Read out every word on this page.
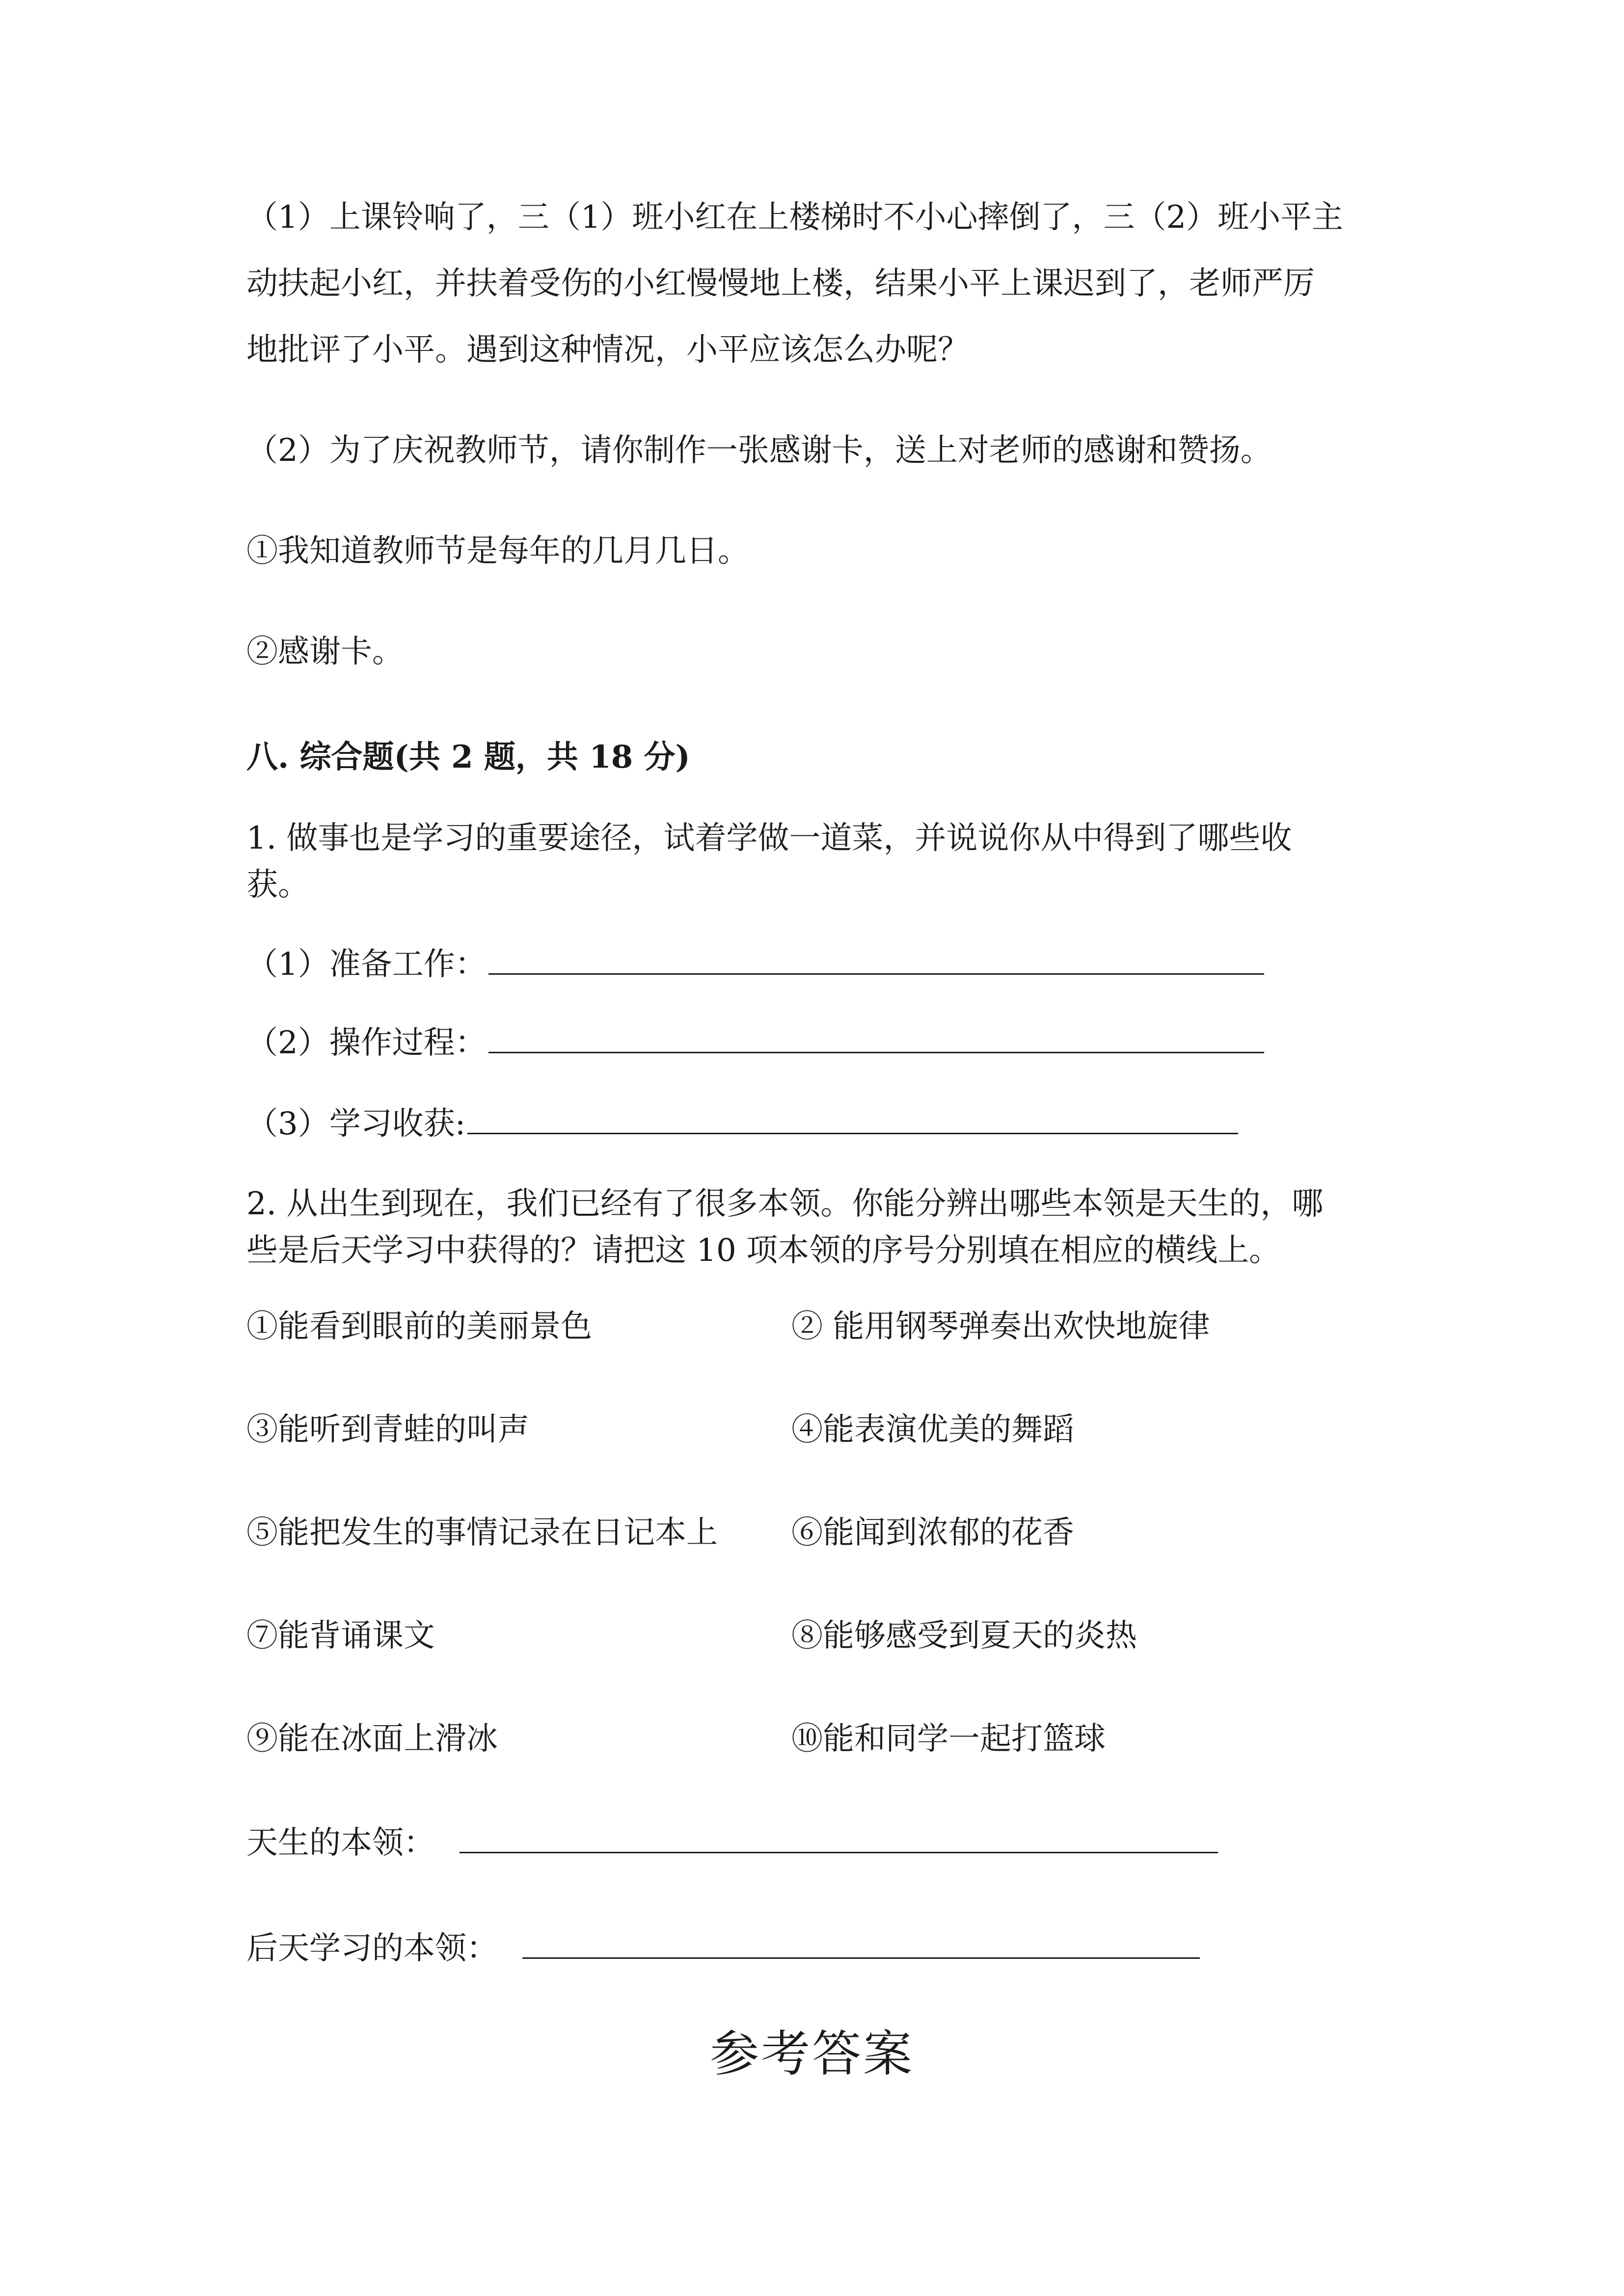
（1）上课铃响了，三（1）班小红在上楼梯时不小心摔倒了，三（2）班小平主
动扶起小红，并扶着受伤的小红慢慢地上楼，结果小平上课迟到了，老师严厉
地批评了小平。遇到这种情况，小平应该怎么办呢？
（2）为了庆祝教师节，请你制作一张感谢卡，送上对老师的感谢和赞扬。
①我知道教师节是每年的几月几日。
②感谢卡。
八. 综合题(共 2 题，共 18 分)
1. 做事也是学习的重要途径，试着学做一道菜，并说说你从中得到了哪些收
获。
（1）准备工作：
（2）操作过程：
（3）学习收获:
2. 从出生到现在，我们已经有了很多本领。你能分辨出哪些本领是天生的，哪
些是后天学习中获得的？请把这 10 项本领的序号分别填在相应的横线上。
①能看到眼前的美丽景色	② 能用钢琴弹奏出欢快地旋律
③能听到青蛙的叫声	④能表演优美的舞蹈
⑤能把发生的事情记录在日记本上 ⑥能闻到浓郁的花香
⑦能背诵课文	⑧能够感受到夏天的炎热
⑨能在冰面上滑冰	⑩能和同学一起打篮球
天生的本领：
后天学习的本领：
参考答案
